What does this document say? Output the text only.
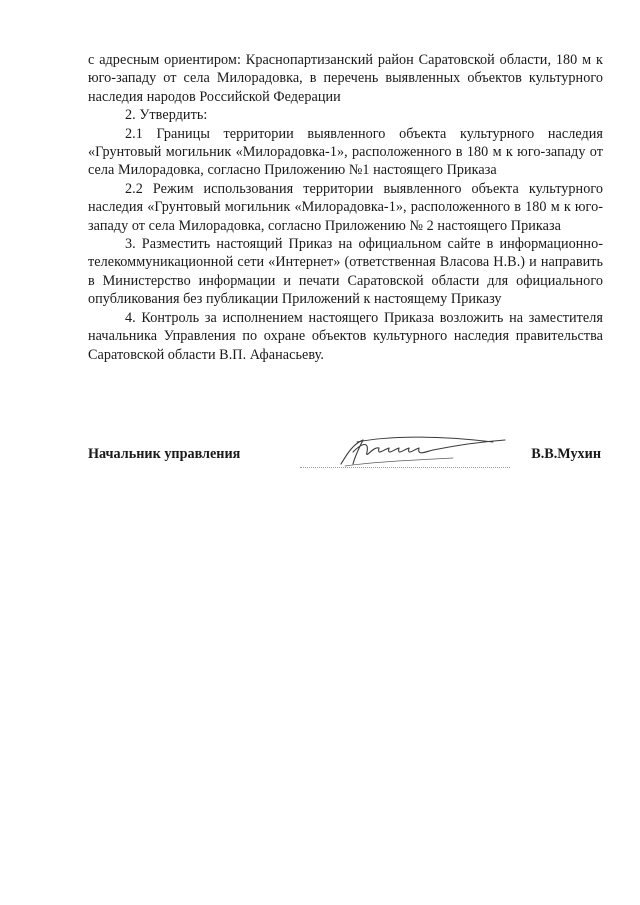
с адресным ориентиром: Краснопартизанский район Саратовской области, 180 м к юго-западу от села Милорадовка, в перечень выявленных объектов культурного наследия народов Российской Федерации

2. Утвердить:

2.1 Границы территории выявленного объекта культурного наследия «Грунтовый могильник «Милорадовка-1», расположенного в 180 м к юго-западу от села Милорадовка, согласно Приложению №1 настоящего Приказа

2.2 Режим использования территории выявленного объекта культурного наследия «Грунтовый могильник «Милорадовка-1», расположенного в 180 м к юго-западу от села Милорадовка, согласно Приложению № 2 настоящего Приказа

3. Разместить настоящий Приказ на официальном сайте в информационно-телекоммуникационной сети «Интернет» (ответственная Власова Н.В.) и направить в Министерство информации и печати Саратовской области для официального опубликования без публикации Приложений к настоящему Приказу

4. Контроль за исполнением настоящего Приказа возложить на заместителя начальника Управления по охране объектов культурного наследия правительства Саратовской области В.П. Афанасьеву.

Начальник управления	В.В.Мухин
